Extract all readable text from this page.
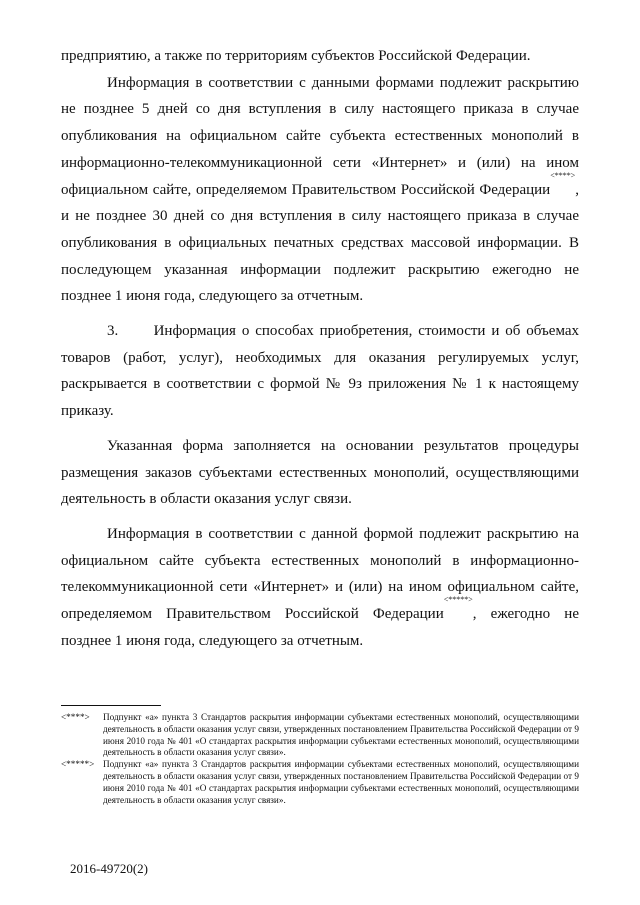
предприятию, а также по территориям субъектов Российской Федерации.

Информация в соответствии с данными формами подлежит раскрытию не позднее 5 дней со дня вступления в силу настоящего приказа в случае опубликования на официальном сайте субъекта естественных монополий в информационно-телекоммуникационной сети «Интернет» и (или) на ином официальном сайте, определяемом Правительством Российской Федерации<****>, и не позднее 30 дней со дня вступления в силу настоящего приказа в случае опубликования в официальных печатных средствах массовой информации. В последующем указанная информации подлежит раскрытию ежегодно не позднее 1 июня года, следующего за отчетным.

3.      Информация о способах приобретения, стоимости и об объемах товаров (работ, услуг), необходимых для оказания регулируемых услуг, раскрывается в соответствии с формой № 9з приложения № 1 к настоящему приказу.

Указанная форма заполняется на основании результатов процедуры размещения заказов субъектами естественных монополий, осуществляющими деятельность в области оказания услуг связи.

Информация в соответствии с данной формой подлежит раскрытию на официальном сайте субъекта естественных монополий в информационно-телекоммуникационной сети «Интернет» и (или) на ином официальном сайте, определяемом Правительством Российской Федерации<*****>, ежегодно не позднее 1 июня года, следующего за отчетным.

<****> Подпункт «а» пункта 3 Стандартов раскрытия информации субъектами естественных монополий, осуществляющими деятельность в области оказания услуг связи, утвержденных постановлением Правительства Российской Федерации от 9 июня 2010 года № 401 «О стандартах раскрытия информации субъектами естественных монополий, осуществляющими деятельность в области оказания услуг связи».

<*****> Подпункт «а» пункта 3 Стандартов раскрытия информации субъектами естественных монополий, осуществляющими деятельность в области оказания услуг связи, утвержденных постановлением Правительства Российской Федерации от 9 июня 2010 года № 401 «О стандартах раскрытия информации субъектами естественных монополий, осуществляющими деятельность в области оказания услуг связи».

2016-49720(2)
